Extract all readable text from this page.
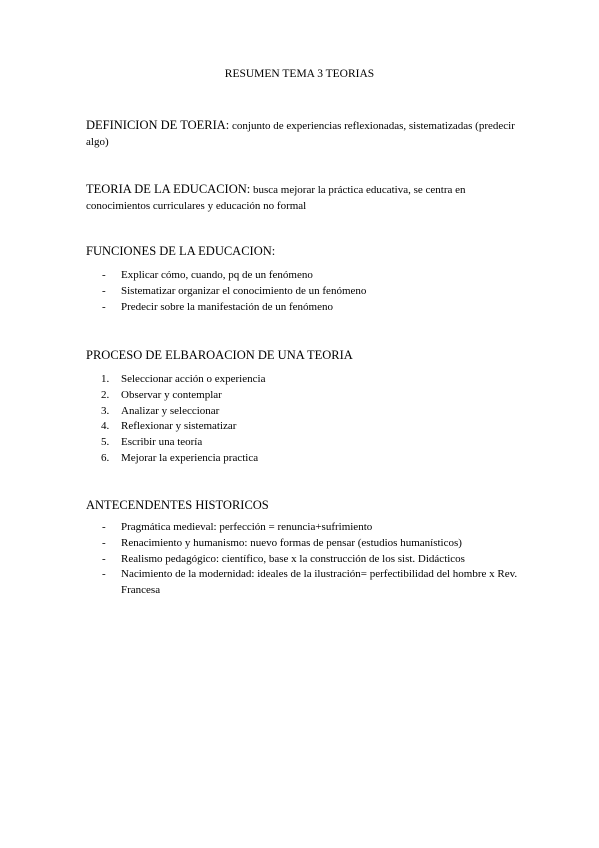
RESUMEN TEMA 3 TEORIAS
DEFINICION DE TOERIA: conjunto de experiencias reflexionadas, sistematizadas (predecir algo)
TEORIA DE LA EDUCACION: busca mejorar la práctica educativa, se centra en conocimientos curriculares y educación no formal
FUNCIONES DE LA EDUCACION:
- Explicar cómo, cuando, pq de un fenómeno
- Sistematizar organizar el conocimiento de un fenómeno
- Predecir sobre la manifestación de un fenómeno
PROCESO DE ELBAROACION DE UNA TEORIA
1. Seleccionar acción o experiencia
2. Observar y contemplar
3. Analizar y seleccionar
4. Reflexionar y sistematizar
5. Escribir una teoría
6. Mejorar la experiencia practica
ANTECENDENTES HISTORICOS
- Pragmática medieval: perfección = renuncia+sufrimiento
- Renacimiento y humanismo: nuevo formas de pensar (estudios humanísticos)
- Realismo pedagógico: científico, base x la construcción de los sist. Didácticos
- Nacimiento de la modernidad: ideales de la ilustración= perfectibilidad del hombre x Rev. Francesa
